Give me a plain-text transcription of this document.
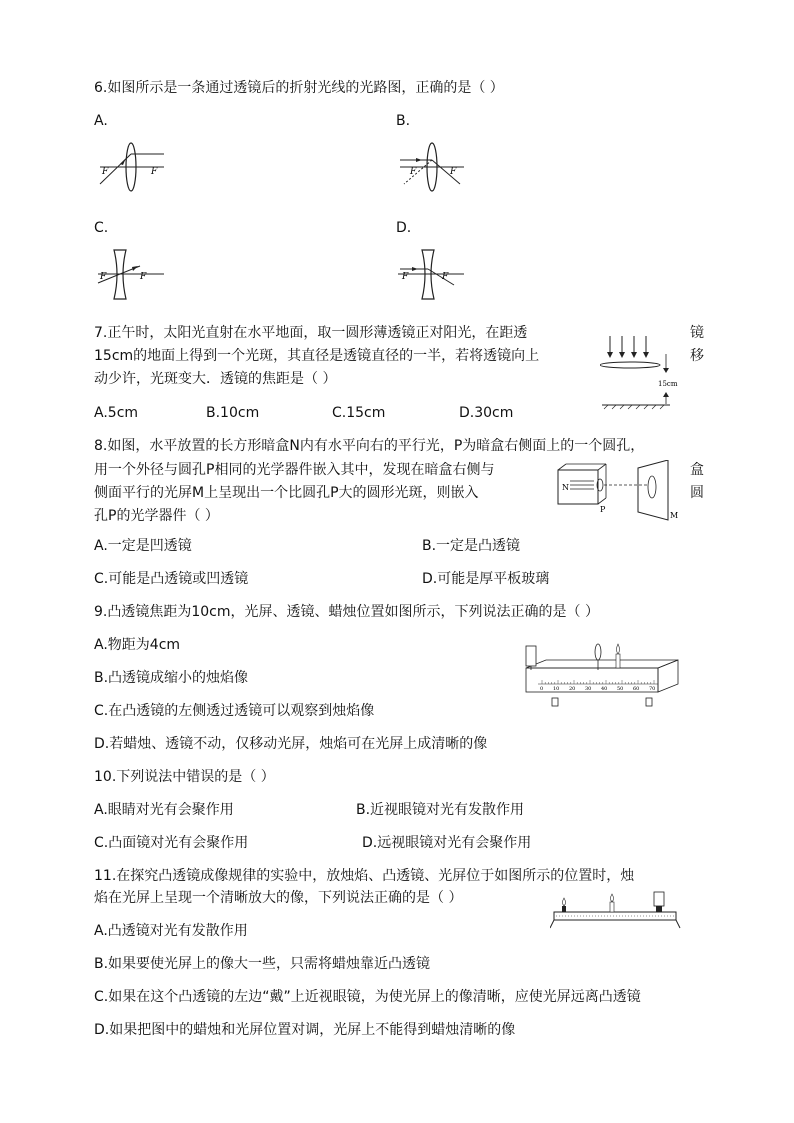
6.如图所示是一条通过透镜后的折射光线的光路图，正确的是（ ）
A.	B.
F	F	F	F
C.	D.
F	F	F	F
7.正午时，太阳光直射在水平地面，取一圆形薄透镜正对阳光，在距透	镜
15cm的地面上得到一个光斑，其直径是透镜直径的一半，若将透镜向上	移
动少许，光斑变大．透镜的焦距是（ ）	15cm
A.5cm	B.10cm	C.15cm	D.30cm
8.如图，水平放置的长方形暗盒N内有水平向右的平行光，P为暗盒右侧面上的一个圆孔，
用一个外径与圆孔P相同的光学器件嵌入其中，发现在暗盒右侧与	盒
侧面平行的光屏M上呈现出一个比圆孔P大的圆形光斑，则嵌入	圆
孔P的光学器件（ ）
N
P
M
A.一定是凹透镜	B.一定是凸透镜
C.可能是凸透镜或凹透镜	D.可能是厚平板玻璃
9.凸透镜焦距为10cm，光屏、透镜、蜡烛位置如图所示，下列说法正确的是（ ）
A.物距为4cm
B.凸透镜成缩小的烛焰像
0 10 20 30 40 50 60 70
C.在凸透镜的左侧透过透镜可以观察到烛焰像
D.若蜡烛、透镜不动，仅移动光屏，烛焰可在光屏上成清晰的像
10.下列说法中错误的是（ ）
A.眼睛对光有会聚作用	B.近视眼镜对光有发散作用
C.凸面镜对光有会聚作用	D.远视眼镜对光有会聚作用
11.在探究凸透镜成像规律的实验中，放烛焰、凸透镜、光屏位于如图所示的位置时，烛
焰在光屏上呈现一个清晰放大的像，下列说法正确的是（ ）
A.凸透镜对光有发散作用
B.如果要使光屏上的像大一些，只需将蜡烛靠近凸透镜
C.如果在这个凸透镜的左边“戴”上近视眼镜，为使光屏上的像清晰，应使光屏远离凸透镜
D.如果把图中的蜡烛和光屏位置对调，光屏上不能得到蜡烛清晰的像
